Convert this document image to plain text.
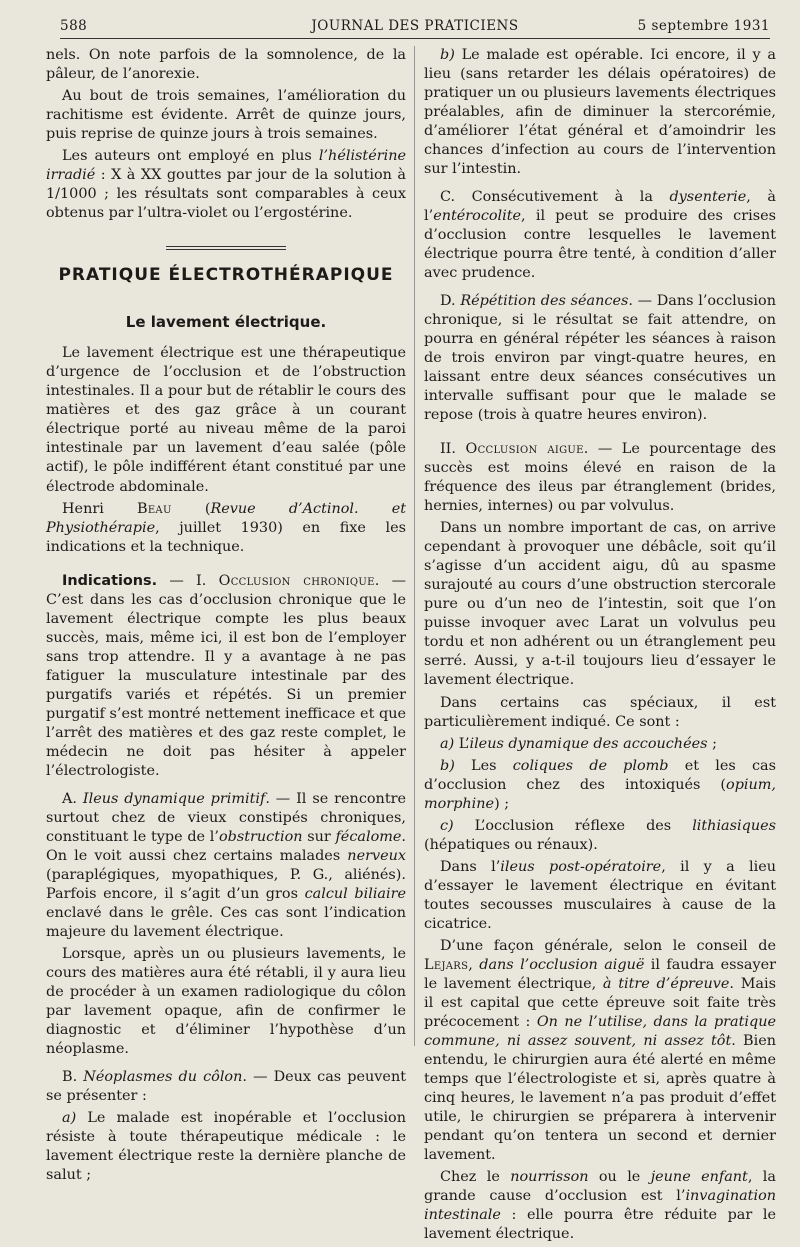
588	JOURNAL DES PRATICIENS	5 septembre 1931

nels. On note parfois de la somnolence, de la pâleur, de l’anorexie.

Au bout de trois semaines, l’amélioration du rachitisme est évidente. Arrêt de quinze jours, puis reprise de quinze jours à trois semaines.

Les auteurs ont employé en plus l’hélistérine irradié : X à XX gouttes par jour de la solution à 1/1000 ; les résultats sont comparables à ceux obtenus par l’ultra-violet ou l’ergostérine.

PRATIQUE ÉLECTROTHÉRAPIQUE

Le lavement électrique.

Le lavement électrique est une thérapeutique d’urgence de l’occlusion et de l’obstruction intestinales. Il a pour but de rétablir le cours des matières et des gaz grâce à un courant électrique porté au niveau même de la paroi intestinale par un lavement d’eau salée (pôle actif), le pôle indifférent étant constitué par une électrode abdominale.

Henri Beau (Revue d’Actinol. et Physiothérapie, juillet 1930) en fixe les indications et la technique.

Indications. — I. Occlusion chronique. — C’est dans les cas d’occlusion chronique que le lavement électrique compte les plus beaux succès, mais, même ici, il est bon de l’employer sans trop attendre. Il y a avantage à ne pas fatiguer la musculature intestinale par des purgatifs variés et répétés. Si un premier purgatif s’est montré nettement inefficace et que l’arrêt des matières et des gaz reste complet, le médecin ne doit pas hésiter à appeler l’électrologiste.

A. Ileus dynamique primitif. — Il se rencontre surtout chez de vieux constipés chroniques, constituant le type de l’obstruction sur fécalome. On le voit aussi chez certains malades nerveux (paraplégiques, myopathiques, P. G., aliénés). Parfois encore, il s’agit d’un gros calcul biliaire enclavé dans le grêle. Ces cas sont l’indication majeure du lavement électrique.

Lorsque, après un ou plusieurs lavements, le cours des matières aura été rétabli, il y aura lieu de procéder à un examen radiologique du côlon par lavement opaque, afin de confirmer le diagnostic et d’éliminer l’hypothèse d’un néoplasme.

B. Néoplasmes du côlon. — Deux cas peuvent se présenter :

a) Le malade est inopérable et l’occlusion résiste à toute thérapeutique médicale : le lavement électrique reste la dernière planche de salut ;

b) Le malade est opérable. Ici encore, il y a lieu (sans retarder les délais opératoires) de pratiquer un ou plusieurs lavements électriques préalables, afin de diminuer la stercorémie, d’améliorer l’état général et d’amoindrir les chances d’infection au cours de l’intervention sur l’intestin.

C. Consécutivement à la dysenterie, à l’entérocolite, il peut se produire des crises d’occlusion contre lesquelles le lavement électrique pourra être tenté, à condition d’aller avec prudence.

D. Répétition des séances. — Dans l’occlusion chronique, si le résultat se fait attendre, on pourra en général répéter les séances à raison de trois environ par vingt-quatre heures, en laissant entre deux séances consécutives un intervalle suffisant pour que le malade se repose (trois à quatre heures environ).

II. Occlusion aigue. — Le pourcentage des succès est moins élevé en raison de la fréquence des ileus par étranglement (brides, hernies, internes) ou par volvulus.

Dans un nombre important de cas, on arrive cependant à provoquer une débâcle, soit qu’il s’agisse d’un accident aigu, dû au spasme surajouté au cours d’une obstruction stercorale pure ou d’un neo de l’intestin, soit que l’on puisse invoquer avec Larat un volvulus peu tordu et non adhérent ou un étranglement peu serré. Aussi, y a-t-il toujours lieu d’essayer le lavement électrique.

Dans certains cas spéciaux, il est particulièrement indiqué. Ce sont :

a) L’ileus dynamique des accouchées ;

b) Les coliques de plomb et les cas d’occlusion chez des intoxiqués (opium, morphine) ;

c) L’occlusion réflexe des lithiasiques (hépatiques ou rénaux).

Dans l’ileus post-opératoire, il y a lieu d’essayer le lavement électrique en évitant toutes secousses musculaires à cause de la cicatrice.

D’une façon générale, selon le conseil de Lejars, dans l’occlusion aiguë il faudra essayer le lavement électrique, à titre d’épreuve. Mais il est capital que cette épreuve soit faite très précocement : On ne l’utilise, dans la pratique commune, ni assez souvent, ni assez tôt. Bien entendu, le chirurgien aura été alerté en même temps que l’électrologiste et si, après quatre à cinq heures, le lavement n’a pas produit d’effet utile, le chirurgien se préparera à intervenir pendant qu’on tentera un second et dernier lavement.

Chez le nourrisson ou le jeune enfant, la grande cause d’occlusion est l’invagination intestinale : elle pourra être réduite par le lavement électrique.
